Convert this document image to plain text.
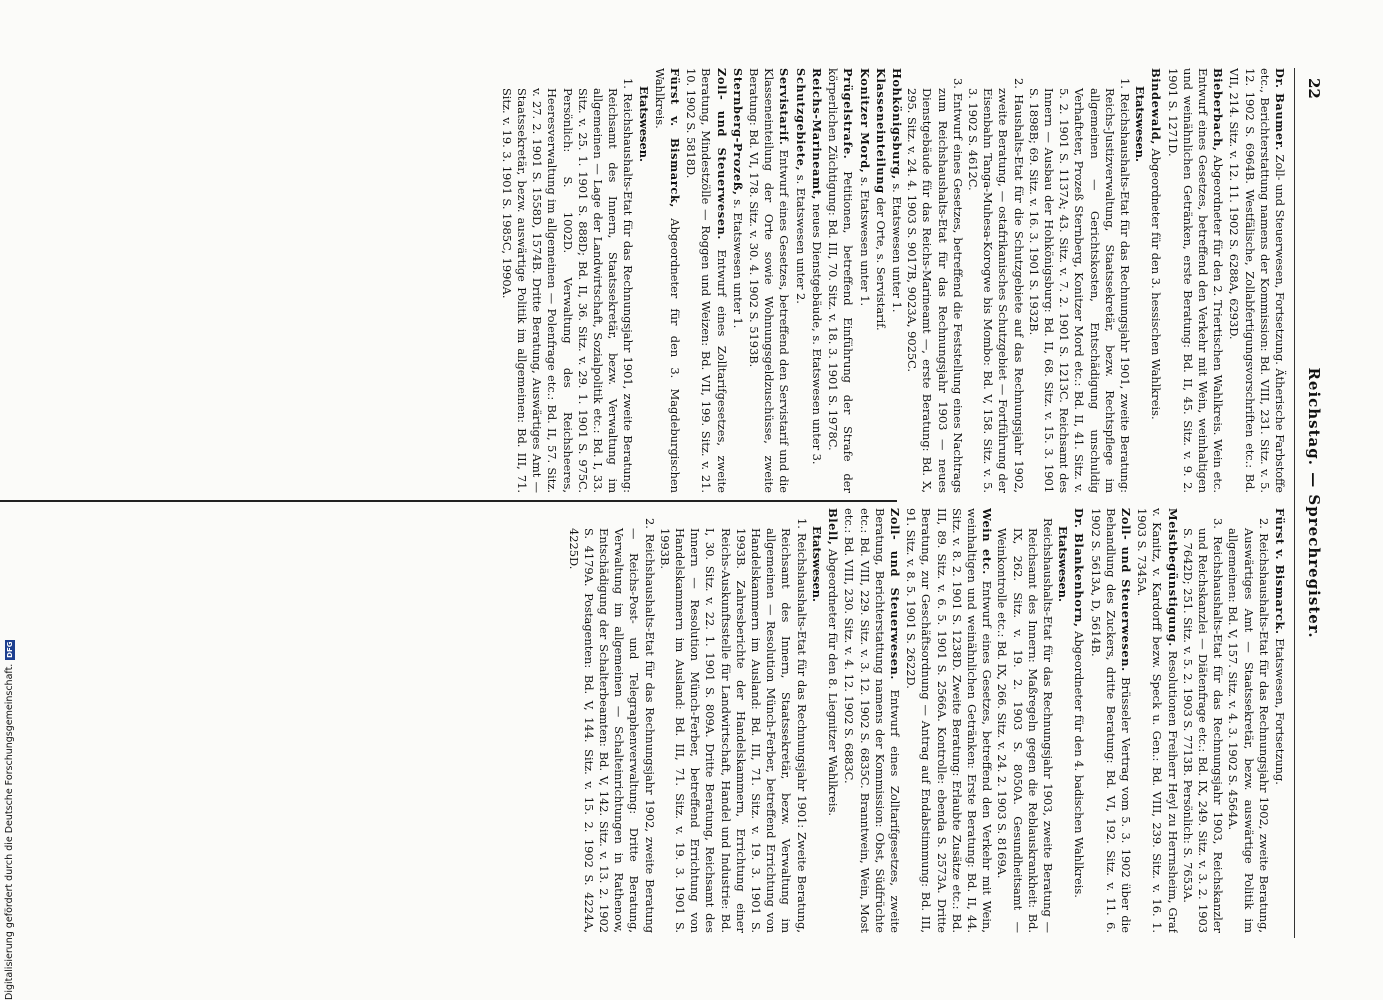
22
Reichstag. — Sprechregister.
Dr. Baumer. Zoll- und Steuerwesen, Fortsetzung. Ätherische Farbstoffe etc., Berichterstattung namens der Kommission: Bd. VIII, 231. Sitz. v. 5. 12. 1902 S. 6964B. Westfälische, Zollabfertigungsvorschriften etc.: Bd. VII, 214. Sitz. v. 12. 11. 1902 S. 6288A, 6293D.
Bieberbach, Abgeordneter für den 2. Triertischen Wahlkreis. Wein etc. Entwurf eines Gesetzes, betreffend den Verkehr mit Wein, weinhaltigen und weinähnlichen Getränken, erste Beratung: Bd. II, 45. Sitz. v. 9. 2. 1901 S. 1271D.
Bindewald, Abgeordneter für den 3. hessischen Wahlkreis.
Etatswesen.
1. Reichshaushalts-Etat für das Rechnungsjahr 1901, zweite Beratung: Reichs-Justizverwaltung, Staatssekretär, bezw. Rechtspflege im allgemeinen — Gerichtskosten, Entschädigung unschuldig Verhafteter, Prozeß Sternberg, Konitzer Mord etc.: Bd. II, 41. Sitz. v. 5. 2. 1901 S. 1137A; 43. Sitz. v. 7. 2. 1901 S. 1213C. Reichsamt des Innern — Ausbau der Hohkönigsburg: Bd. II, 68. Sitz. v. 15. 3. 1901 S. 1898B; 69. Sitz. v. 16. 3. 1901 S. 1932B.
2. Haushalts-Etat für die Schutzgebiete auf das Rechnungsjahr 1902, zweite Beratung, — ostafrikanisches Schutzgebiet — Fortführung der Eisenbahn Tanga-Muhesa-Korogwe bis Mombo: Bd. V, 158. Sitz. v. 5. 3. 1902 S. 4612C.
3. Entwurf eines Gesetzes, betreffend die Feststellung eines Nachtrags zum Reichshaushalts-Etat für das Rechnungsjahr 1903 — neues Dienstgebäude für das Reichs-Marineamt —, erste Beratung: Bd. X, 295. Sitz. v. 24. 4. 1903 S. 9017B, 9023A, 9025C.
Hohkönigsburg, s. Etatswesen unter 1.
Klasseneinteilung der Orte, s. Servistarif.
Konitzer Mord, s. Etatswesen unter 1.
Prügelstrafe. Petitionen, betreffend Einführung der Strafe der körperlichen Züchtigung: Bd. III, 70. Sitz. v. 18. 3. 1901 S. 1978C.
Reichs-Marineamt, neues Dienstgebäude, s. Etatswesen unter 3.
Schutzgebiete, s. Etatswesen unter 2.
Servistarif. Entwurf eines Gesetzes, betreffend den Servistarif und die Klasseneinteilung der Orte sowie Wohnungsgeldzuschüsse, zweite Beratung: Bd. VI, 178. Sitz. v. 30. 4. 1902 S. 5193B.
Sternberg-Prozeß, s. Etatswesen unter 1.
Zoll- und Steuerwesen. Entwurf eines Zolltarifgesetzes, zweite Beratung, Mindestzölle — Roggen und Weizen: Bd. VII, 199. Sitz. v. 21. 10. 1902 S. 5818D.
Fürst v. Bismarck, Abgeordneter für den 3. Magdeburgischen Wahlkreis.
Etatswesen.
1. Reichshaushalts-Etat für das Rechnungsjahr 1901, zweite Beratung: Reichsamt des Innern, Staatssekretär, bezw. Verwaltung im allgemeinen — Lage der Landwirtschaft, Sozialpolitik etc.: Bd. I, 33. Sitz. v. 25. 1. 1901 S. 888D; Bd. II, 36. Sitz. v. 29. 1. 1901 S. 975C. Persönlich: S. 1002D. Verwaltung des Reichsheeres, Heeresverwaltung im allgemeinen — Polenfrage etc.: Bd. II, 57. Sitz. v. 27. 2. 1901 S. 1558D, 1574B. Dritte Beratung, Auswärtiges Amt — Staatssekretär, bezw. auswärtige Politik im allgemeinen: Bd. III, 71. Sitz. v. 19. 3. 1901 S. 1985C, 1990A.
Fürst v. Bismarck. Etatswesen, Fortsetzung.
2. Reichshaushalts-Etat für das Rechnungsjahr 1902, zweite Beratung, Auswärtiges Amt — Staatssekretär, bezw. auswärtige Politik im allgemeinen: Bd. V, 157. Sitz. v. 4. 3. 1902 S. 4564A.
3. Reichshaushalts-Etat für das Rechnungsjahr 1903, Reichskanzler und Reichskanzlei — Diätenfrage etc.: Bd. IX, 249. Sitz. v. 3. 2. 1903 S. 7642D; 251. Sitz. v. 5. 2. 1903 S. 7713B. Persönlich: S. 7653A.
Meistbegünstigung. Resolutionen Freiherr Heyl zu Herrnsheim, Graf v. Kanitz, v. Kardorff bezw. Speck u. Gen.: Bd. VIII, 239. Sitz. v. 16. 1. 1903 S. 7345A.
Zoll- und Steuerwesen. Brüsseler Vertrag vom 5. 3. 1902 über die Behandlung des Zuckers, dritte Beratung: Bd. VI, 192. Sitz. v. 11. 6. 1902 S. 5613A, D, 5614B.
Dr. Blankenhorn, Abgeordneter für den 4. badischen Wahlkreis.
Etatswesen.
Reichshaushalts-Etat für das Rechnungsjahr 1903, zweite Beratung — Reichsamt des Innern: Maßregeln gegen die Reblauskrankheit: Bd. IX, 262. Sitz. v. 19. 2. 1903 S. 8050A. Gesundheitsamt — Weinkontrolle etc.: Bd. IX, 266. Sitz. v. 24. 2. 1903 S. 8169A.
Wein etc. Entwurf eines Gesetzes, betreffend den Verkehr mit Wein, weinhaltigen und weinähnlichen Getränken: Erste Beratung: Bd. II, 44. Sitz. v. 8. 2. 1901 S. 1238D. Zweite Beratung: Erlaubte Zusätze etc.: Bd. III, 89. Sitz. v. 6. 5. 1901 S. 2566A. Kontrolle: ebenda S. 2573A. Dritte Beratung, zur Geschäftsordnung — Antrag auf Endabstimmung: Bd. III, 91. Sitz. v. 8. 5. 1901 S. 2622D.
Zoll- und Steuerwesen. Entwurf eines Zolltarifgesetzes, zweite Beratung, Berichterstattung namens der Kommission: Obst, Südfrüchte etc.: Bd. VIII, 229. Sitz. v. 3. 12. 1902 S. 6835C. Branntwein, Wein, Most etc.: Bd. VIII, 230. Sitz. v. 4. 12. 1902 S. 6883C.
Blell, Abgeordneter für den 8. Liegnitzer Wahlkreis.
Etatswesen.
1. Reichshaushalts-Etat für das Rechnungsjahr 1901: Zweite Beratung, Reichsamt des Innern, Staatssekretär, bezw. Verwaltung im allgemeinen — Resolution Münch-Ferber, betreffend Errichtung von Handelskammern im Ausland: Bd. III, 71. Sitz. v. 19. 3. 1901 S. 1993B. Zahresberichte der Handelskammern, Errichtung einer Reichs-Auskunftsstelle für Landwirtschaft, Handel und Industrie: Bd. I, 30. Sitz. v. 22. 1. 1901 S. 809A. Dritte Beratung, Reichsamt des Innern — Resolution Münch-Ferber, betreffend Errichtung von Handelskammern im Ausland: Bd. III, 71. Sitz. v. 19. 3. 1901 S. 1993B.
2. Reichshaushalts-Etat für das Rechnungsjahr 1902, zweite Beratung — Reichs-Post- und Telegraphenverwaltung: Dritte Beratung, Verwaltung im allgemeinen — Schalteinrichtungen in Rathenow, Entschädigung der Schalterbeamten: Bd. V, 142. Sitz. v. 13. 2. 1902 S. 4179A. Postagenten: Bd. V, 144. Sitz. v. 15. 2. 1902 S. 4224A, 4225D.
Digitalisierung gefördert durch die Deutsche Forschungsgemeinschaft.
DFG
